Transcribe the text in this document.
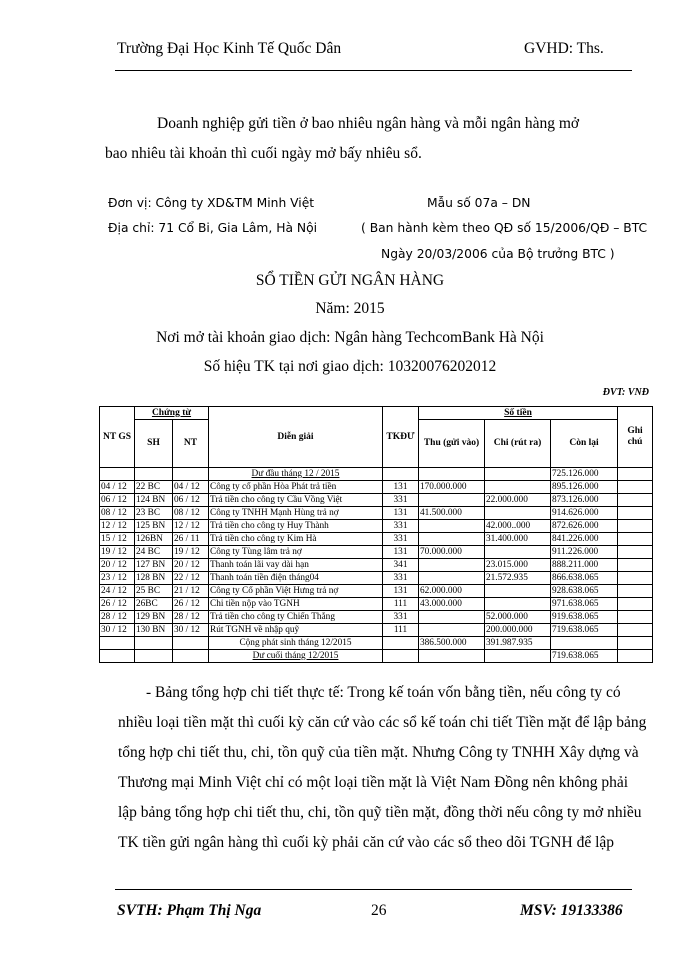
Trường Đại Học Kinh Tế Quốc Dân	GVHD: Ths.
Doanh nghiệp gửi tiền ở bao nhiêu ngân hàng và mỗi ngân hàng mở
bao nhiêu tài khoản thì cuối ngày mở bấy nhiêu sổ.
Đơn vị: Công ty XD&TM Minh Việt
Địa chỉ: 71 Cổ Bi, Gia Lâm, Hà Nội
Mẫu số 07a – DN
( Ban hành kèm theo QĐ số 15/2006/QĐ – BTC
Ngày 20/03/2006 của Bộ trưởng BTC )
SỔ TIỀN GỬI NGÂN HÀNG
Năm: 2015
Nơi mở tài khoản giao dịch: Ngân hàng TechcomBank Hà Nội
Số hiệu TK tại nơi giao dịch: 10320076202012
ĐVT: VNĐ
NT GS	Chứng từ		Diễn giải	TKĐƯ	Số tiền			Ghi chú
	SH	NT			Thu (gửi vào)	Chi (rút ra)	Còn lại	
			Dư đầu tháng 12 / 2015				725.126.000	
04 / 12	22 BC	04 / 12	Công ty cổ phần Hòa Phát trả tiền	131	170.000.000		895.126.000	
06 / 12	124 BN	06 / 12	Trả tiền cho công ty Cầu Vồng Việt	331		22.000.000	873.126.000	
08 / 12	23 BC	08 / 12	Công ty TNHH Mạnh Hùng trả nợ	131	41.500.000		914.626.000	
12 / 12	125 BN	12 / 12	Trả tiền cho công ty Huy Thành	331		42.000..000	872.626.000	
15 / 12	126BN	26 / 11	Trả tiền cho công ty Kim Hà	331		31.400.000	841.226.000	
19 / 12	24 BC	19 / 12	Công ty Tùng lâm trả nợ	131	70.000.000		911.226.000	
20 / 12	127 BN	20 / 12	Thanh toán lãi vay dài hạn	341		23.015.000	888.211.000	
23 / 12	128 BN	22 / 12	Thanh toán tiền điện tháng04	331		21.572.935	866.638.065	
24 / 12	25 BC	21 / 12	Công ty Cổ phần Việt Hưng trả nợ	131	62.000.000		928.638.065	
26 / 12	26BC	26 / 12	Chi tiền nộp vào TGNH	111	43.000.000		971.638.065	
28 / 12	129 BN	28 / 12	Trả tiền cho công ty Chiến Thắng	331		52.000.000	919.638.065	
30 / 12	130 BN	30 / 12	Rút TGNH về nhập quỹ	111		200.000.000	719.638.065	
			Cộng phát sinh tháng 12/2015		386.500.000	391.987.935		
			Dư cuối tháng 12/2015				719.638.065	
- Bảng tổng hợp chi tiết thực tế: Trong kế toán vốn bằng tiền, nếu công ty có
nhiều loại tiền mặt thì cuối kỳ căn cứ vào các sổ kế toán chi tiết Tiền mặt để lập bảng
tổng hợp chi tiết thu, chi, tồn quỹ của tiền mặt. Nhưng Công ty TNHH Xây dựng và
Thương mại Minh Việt chỉ có một loại tiền mặt là Việt Nam Đồng nên không phải
lập bảng tổng hợp chi tiết thu, chi, tồn quỹ tiền mặt, đồng thời nếu công ty mở nhiều
TK tiền gửi ngân hàng thì cuối kỳ phải căn cứ vào các sổ theo dõi TGNH để lập
SVTH: Phạm Thị Nga	26	MSV: 19133386
